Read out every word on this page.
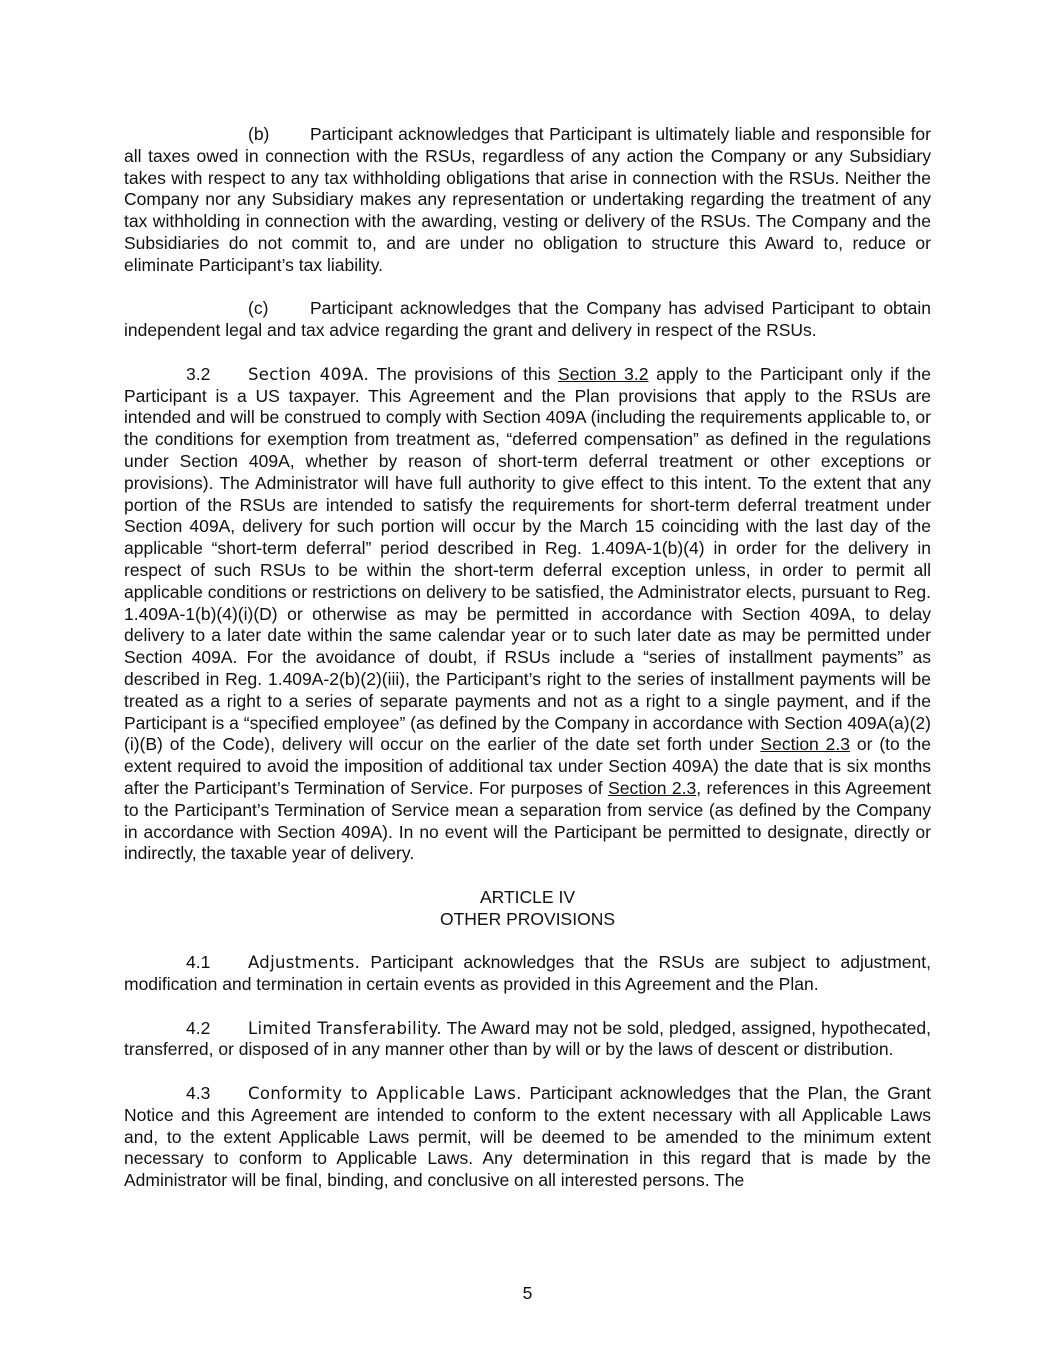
(b) Participant acknowledges that Participant is ultimately liable and responsible for all taxes owed in connection with the RSUs, regardless of any action the Company or any Subsidiary takes with respect to any tax withholding obligations that arise in connection with the RSUs. Neither the Company nor any Subsidiary makes any representation or undertaking regarding the treatment of any tax withholding in connection with the awarding, vesting or delivery of the RSUs. The Company and the Subsidiaries do not commit to, and are under no obligation to structure this Award to, reduce or eliminate Participant’s tax liability.

(c) Participant acknowledges that the Company has advised Participant to obtain independent legal and tax advice regarding the grant and delivery in respect of the RSUs.

3.2 Section 409A. The provisions of this Section 3.2 apply to the Participant only if the Participant is a US taxpayer. This Agreement and the Plan provisions that apply to the RSUs are intended and will be construed to comply with Section 409A (including the requirements applicable to, or the conditions for exemption from treatment as, “deferred compensation” as defined in the regulations under Section 409A, whether by reason of short-term deferral treatment or other exceptions or provisions). The Administrator will have full authority to give effect to this intent. To the extent that any portion of the RSUs are intended to satisfy the requirements for short-term deferral treatment under Section 409A, delivery for such portion will occur by the March 15 coinciding with the last day of the applicable “short-term deferral” period described in Reg. 1.409A-1(b)(4) in order for the delivery in respect of such RSUs to be within the short-term deferral exception unless, in order to permit all applicable conditions or restrictions on delivery to be satisfied, the Administrator elects, pursuant to Reg. 1.409A-1(b)(4)(i)(D) or otherwise as may be permitted in accordance with Section 409A, to delay delivery to a later date within the same calendar year or to such later date as may be permitted under Section 409A. For the avoidance of doubt, if RSUs include a “series of installment payments” as described in Reg. 1.409A-2(b)(2)(iii), the Participant’s right to the series of installment payments will be treated as a right to a series of separate payments and not as a right to a single payment, and if the Participant is a “specified employee” (as defined by the Company in accordance with Section 409A(a)(2)(i)(B) of the Code), delivery will occur on the earlier of the date set forth under Section 2.3 or (to the extent required to avoid the imposition of additional tax under Section 409A) the date that is six months after the Participant’s Termination of Service. For purposes of Section 2.3, references in this Agreement to the Participant’s Termination of Service mean a separation from service (as defined by the Company in accordance with Section 409A). In no event will the Participant be permitted to designate, directly or indirectly, the taxable year of delivery.

ARTICLE IV
OTHER PROVISIONS

4.1 Adjustments. Participant acknowledges that the RSUs are subject to adjustment, modification and termination in certain events as provided in this Agreement and the Plan.

4.2 Limited Transferability. The Award may not be sold, pledged, assigned, hypothecated, transferred, or disposed of in any manner other than by will or by the laws of descent or distribution.

4.3 Conformity to Applicable Laws. Participant acknowledges that the Plan, the Grant Notice and this Agreement are intended to conform to the extent necessary with all Applicable Laws and, to the extent Applicable Laws permit, will be deemed to be amended to the minimum extent necessary to conform to Applicable Laws. Any determination in this regard that is made by the Administrator will be final, binding, and conclusive on all interested persons. The

5
